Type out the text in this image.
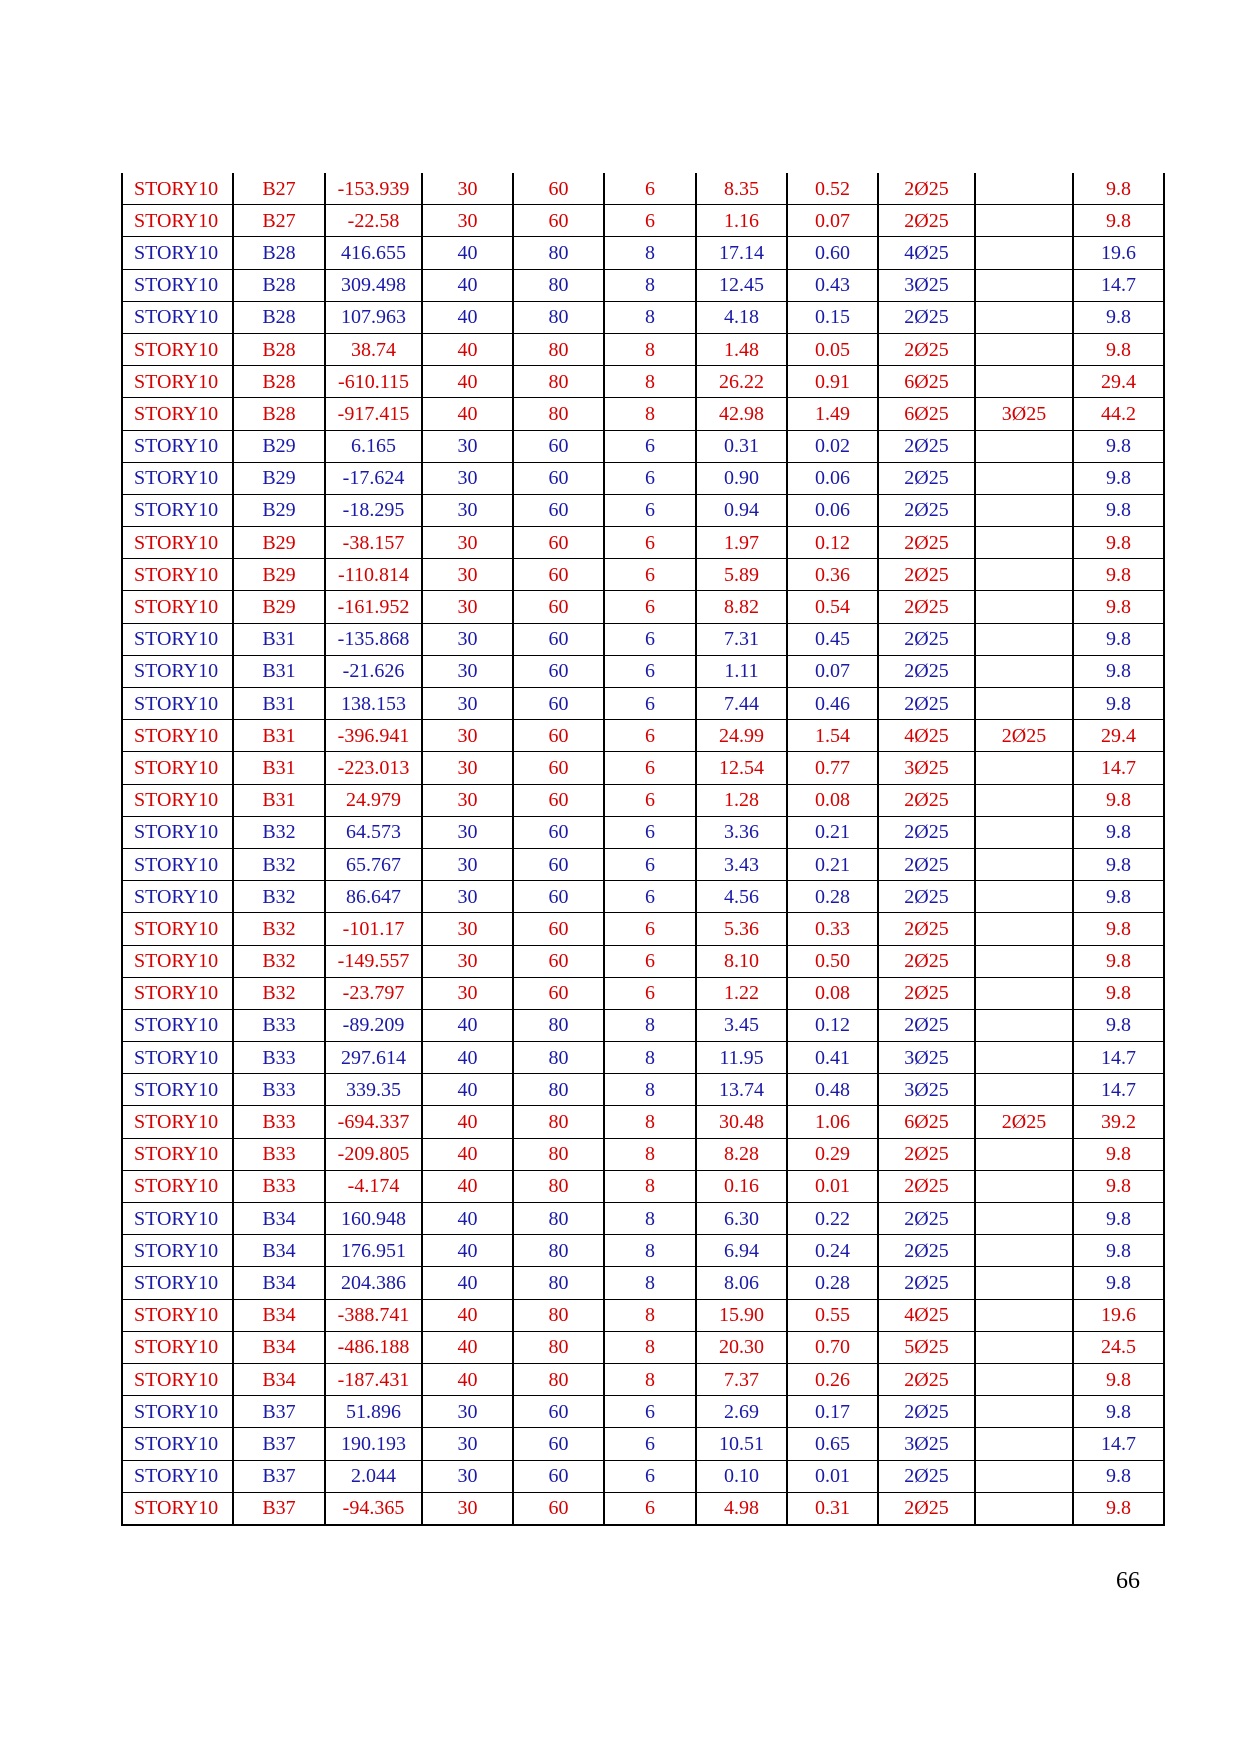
STORY10	B27	-153.939	30	60	6	8.35	0.52	2Ø25		9.8
STORY10	B27	-22.58	30	60	6	1.16	0.07	2Ø25		9.8
STORY10	B28	416.655	40	80	8	17.14	0.60	4Ø25		19.6
STORY10	B28	309.498	40	80	8	12.45	0.43	3Ø25		14.7
STORY10	B28	107.963	40	80	8	4.18	0.15	2Ø25		9.8
STORY10	B28	38.74	40	80	8	1.48	0.05	2Ø25		9.8
STORY10	B28	-610.115	40	80	8	26.22	0.91	6Ø25		29.4
STORY10	B28	-917.415	40	80	8	42.98	1.49	6Ø25	3Ø25	44.2
STORY10	B29	6.165	30	60	6	0.31	0.02	2Ø25		9.8
STORY10	B29	-17.624	30	60	6	0.90	0.06	2Ø25		9.8
STORY10	B29	-18.295	30	60	6	0.94	0.06	2Ø25		9.8
STORY10	B29	-38.157	30	60	6	1.97	0.12	2Ø25		9.8
STORY10	B29	-110.814	30	60	6	5.89	0.36	2Ø25		9.8
STORY10	B29	-161.952	30	60	6	8.82	0.54	2Ø25		9.8
STORY10	B31	-135.868	30	60	6	7.31	0.45	2Ø25		9.8
STORY10	B31	-21.626	30	60	6	1.11	0.07	2Ø25		9.8
STORY10	B31	138.153	30	60	6	7.44	0.46	2Ø25		9.8
STORY10	B31	-396.941	30	60	6	24.99	1.54	4Ø25	2Ø25	29.4
STORY10	B31	-223.013	30	60	6	12.54	0.77	3Ø25		14.7
STORY10	B31	24.979	30	60	6	1.28	0.08	2Ø25		9.8
STORY10	B32	64.573	30	60	6	3.36	0.21	2Ø25		9.8
STORY10	B32	65.767	30	60	6	3.43	0.21	2Ø25		9.8
STORY10	B32	86.647	30	60	6	4.56	0.28	2Ø25		9.8
STORY10	B32	-101.17	30	60	6	5.36	0.33	2Ø25		9.8
STORY10	B32	-149.557	30	60	6	8.10	0.50	2Ø25		9.8
STORY10	B32	-23.797	30	60	6	1.22	0.08	2Ø25		9.8
STORY10	B33	-89.209	40	80	8	3.45	0.12	2Ø25		9.8
STORY10	B33	297.614	40	80	8	11.95	0.41	3Ø25		14.7
STORY10	B33	339.35	40	80	8	13.74	0.48	3Ø25		14.7
STORY10	B33	-694.337	40	80	8	30.48	1.06	6Ø25	2Ø25	39.2
STORY10	B33	-209.805	40	80	8	8.28	0.29	2Ø25		9.8
STORY10	B33	-4.174	40	80	8	0.16	0.01	2Ø25		9.8
STORY10	B34	160.948	40	80	8	6.30	0.22	2Ø25		9.8
STORY10	B34	176.951	40	80	8	6.94	0.24	2Ø25		9.8
STORY10	B34	204.386	40	80	8	8.06	0.28	2Ø25		9.8
STORY10	B34	-388.741	40	80	8	15.90	0.55	4Ø25		19.6
STORY10	B34	-486.188	40	80	8	20.30	0.70	5Ø25		24.5
STORY10	B34	-187.431	40	80	8	7.37	0.26	2Ø25		9.8
STORY10	B37	51.896	30	60	6	2.69	0.17	2Ø25		9.8
STORY10	B37	190.193	30	60	6	10.51	0.65	3Ø25		14.7
STORY10	B37	2.044	30	60	6	0.10	0.01	2Ø25		9.8
STORY10	B37	-94.365	30	60	6	4.98	0.31	2Ø25		9.8
66
